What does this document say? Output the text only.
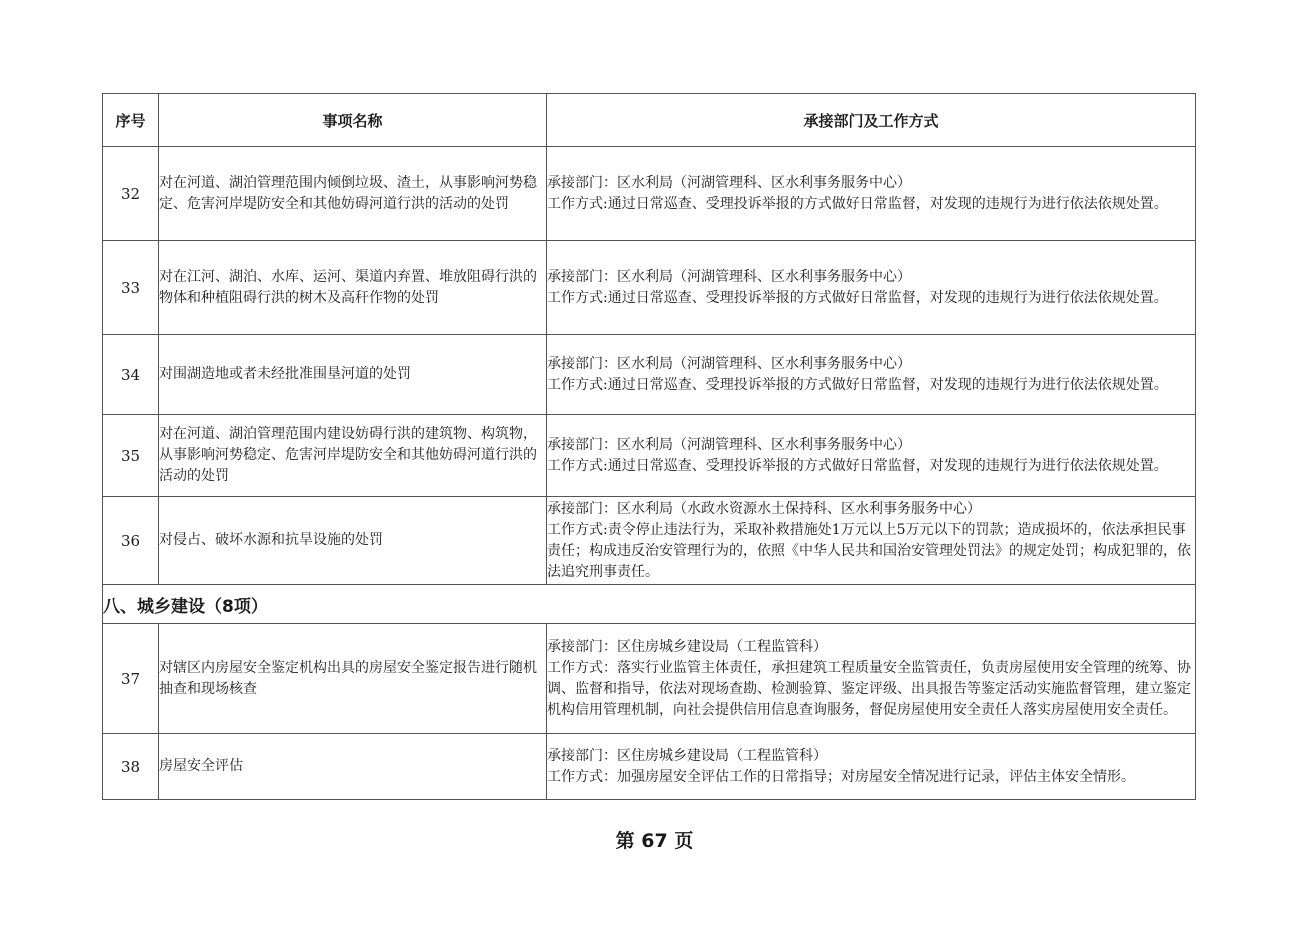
序号	事项名称	承接部门及工作方式
32	对在河道、湖泊管理范围内倾倒垃圾、渣土，从事影响河势稳定、危害河岸堤防安全和其他妨碍河道行洪的活动的处罚	承接部门：区水利局（河湖管理科、区水利事务服务中心）
工作方式:通过日常巡查、受理投诉举报的方式做好日常监督，对发现的违规行为进行依法依规处置。

33	对在江河、湖泊、水库、运河、渠道内弃置、堆放阻碍行洪的物体和种植阻碍行洪的树木及高秆作物的处罚	承接部门：区水利局（河湖管理科、区水利事务服务中心）
工作方式:通过日常巡查、受理投诉举报的方式做好日常监督，对发现的违规行为进行依法依规处置。

34	对围湖造地或者未经批准围垦河道的处罚	承接部门：区水利局（河湖管理科、区水利事务服务中心）
工作方式:通过日常巡查、受理投诉举报的方式做好日常监督，对发现的违规行为进行依法依规处置。

35	对在河道、湖泊管理范围内建设妨碍行洪的建筑物、构筑物，从事影响河势稳定、危害河岸堤防安全和其他妨碍河道行洪的活动的处罚	承接部门：区水利局（河湖管理科、区水利事务服务中心）
工作方式:通过日常巡查、受理投诉举报的方式做好日常监督，对发现的违规行为进行依法依规处置。

36	对侵占、破坏水源和抗旱设施的处罚	承接部门：区水利局（水政水资源水土保持科、区水利事务服务中心）
工作方式:责令停止违法行为，采取补救措施处1万元以上5万元以下的罚款；造成损坏的，依法承担民事责任；构成违反治安管理行为的，依照《中华人民共和国治安管理处罚法》的规定处罚；构成犯罪的，依法追究刑事责任。

八、城乡建设（8项）		
37	对辖区内房屋安全鉴定机构出具的房屋安全鉴定报告进行随机抽查和现场核查	承接部门：区住房城乡建设局（工程监管科）
工作方式：落实行业监管主体责任，承担建筑工程质量安全监管责任，负责房屋使用安全管理的统筹、协调、监督和指导，依法对现场查勘、检测验算、鉴定评级、出具报告等鉴定活动实施监督管理，建立鉴定机构信用管理机制，向社会提供信用信息查询服务，督促房屋使用安全责任人落实房屋使用安全责任。

38	房屋安全评估	承接部门：区住房城乡建设局（工程监管科）
工作方式：加强房屋安全评估工作的日常指导；对房屋安全情况进行记录，评估主体安全情形。
第 67 页
